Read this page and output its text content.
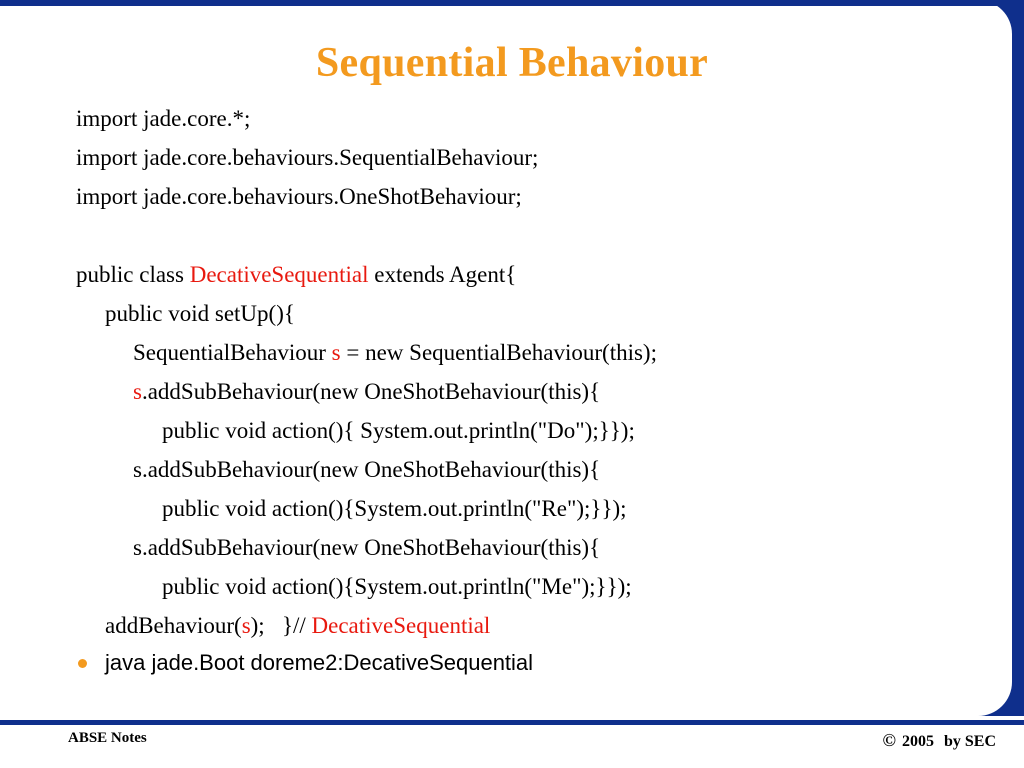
Sequential Behaviour
import jade.core.*;
import jade.core.behaviours.SequentialBehaviour;
import jade.core.behaviours.OneShotBehaviour;
public class DecativeSequential extends Agent{
public void setUp(){
SequentialBehaviour s = new SequentialBehaviour(this);
s.addSubBehaviour(new OneShotBehaviour(this){
public void action(){ System.out.println("Do");}});
s.addSubBehaviour(new OneShotBehaviour(this){
public void action(){System.out.println("Re");}});
s.addSubBehaviour(new OneShotBehaviour(this){
public void action(){System.out.println("Me");}});
addBehaviour(s);   }// DecativeSequential
java jade.Boot doreme2:DecativeSequential
ABSE Notes	© 2005 by SEC
